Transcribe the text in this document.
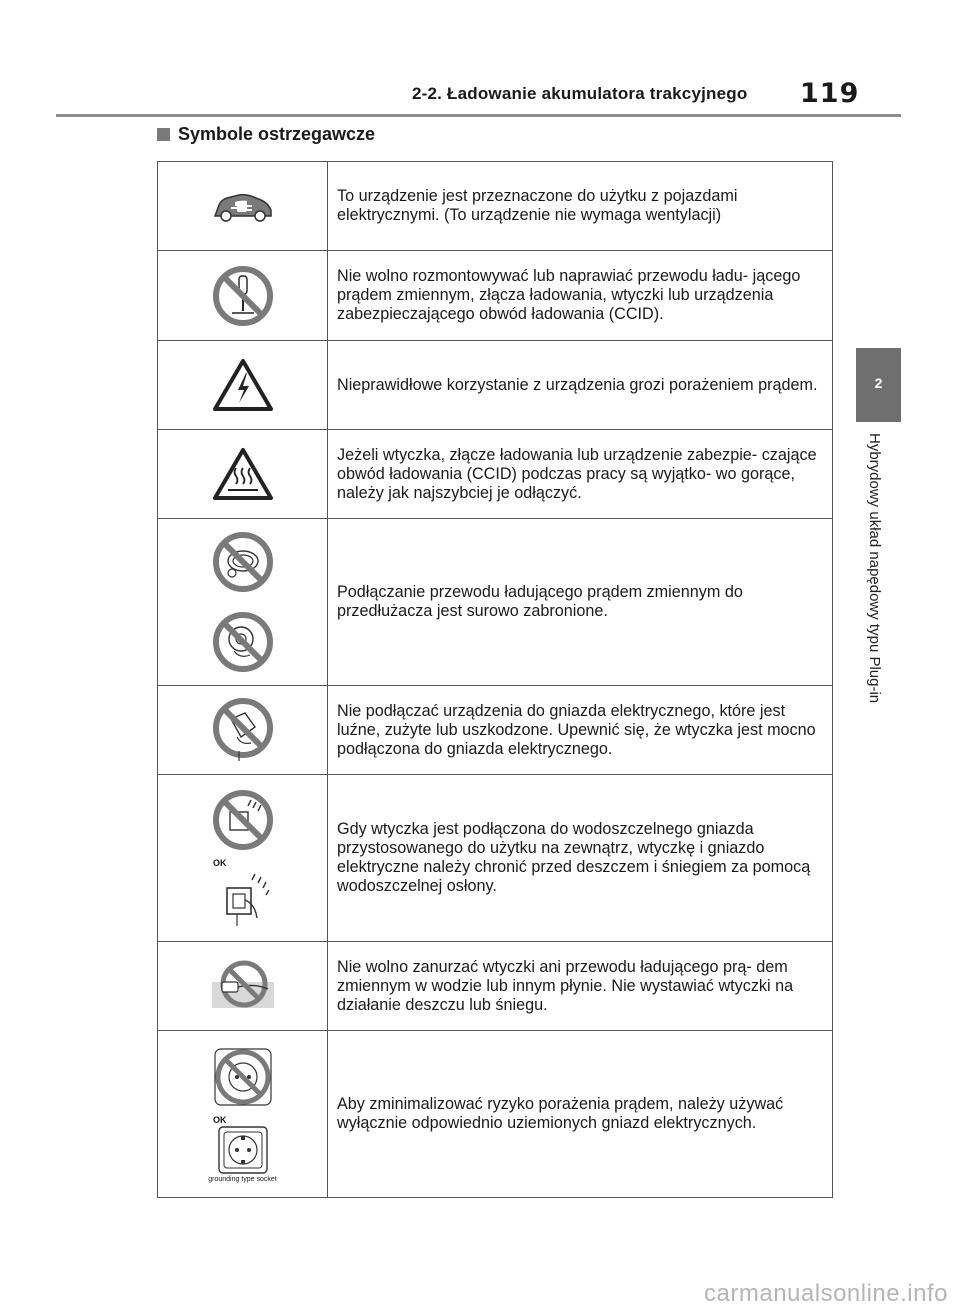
2-2. Ładowanie akumulatora trakcyjnego 119
Symbole ostrzegawcze
2
Hybrydowy układ napędowy typu Plug-in
	To urządzenie jest przeznaczone do użytku z pojazdami elektrycznymi. (To urządzenie nie wymaga wentylacji)

	Nie wolno rozmontowywać lub naprawiać przewodu ładu- jącego prądem zmiennym, złącza ładowania, wtyczki lub urządzenia zabezpieczającego obwód ładowania (CCID).

	Nieprawidłowe korzystanie z urządzenia grozi porażeniem prądem.

	Jeżeli wtyczka, złącze ładowania lub urządzenie zabezpie- czające obwód ładowania (CCID) podczas pracy są wyjątko- wo gorące, należy jak najszybciej je odłączyć.

	Podłączanie przewodu ładującego prądem zmiennym do przedłużacza jest surowo zabronione.

	Nie podłączać urządzenia do gniazda elektrycznego, które jest luźne, zużyte lub uszkodzone. Upewnić się, że wtyczka jest mocno podłączona do gniazda elektrycznego.

OK	Gdy wtyczka jest podłączona do wodoszczelnego gniazda przystosowanego do użytku na zewnątrz, wtyczkę i gniazdo elektryczne należy chronić przed deszczem i śniegiem za pomocą wodoszczelnej osłony.

	Nie wolno zanurzać wtyczki ani przewodu ładującego prą- dem zmiennym w wodzie lub innym płynie. Nie wystawiać wtyczki na działanie deszczu lub śniegu.

OK
grounding type socket	Aby zminimalizować ryzyko porażenia prądem, należy używać wyłącznie odpowiednio uziemionych gniazd elektrycznych.
carmanualsonline.info
